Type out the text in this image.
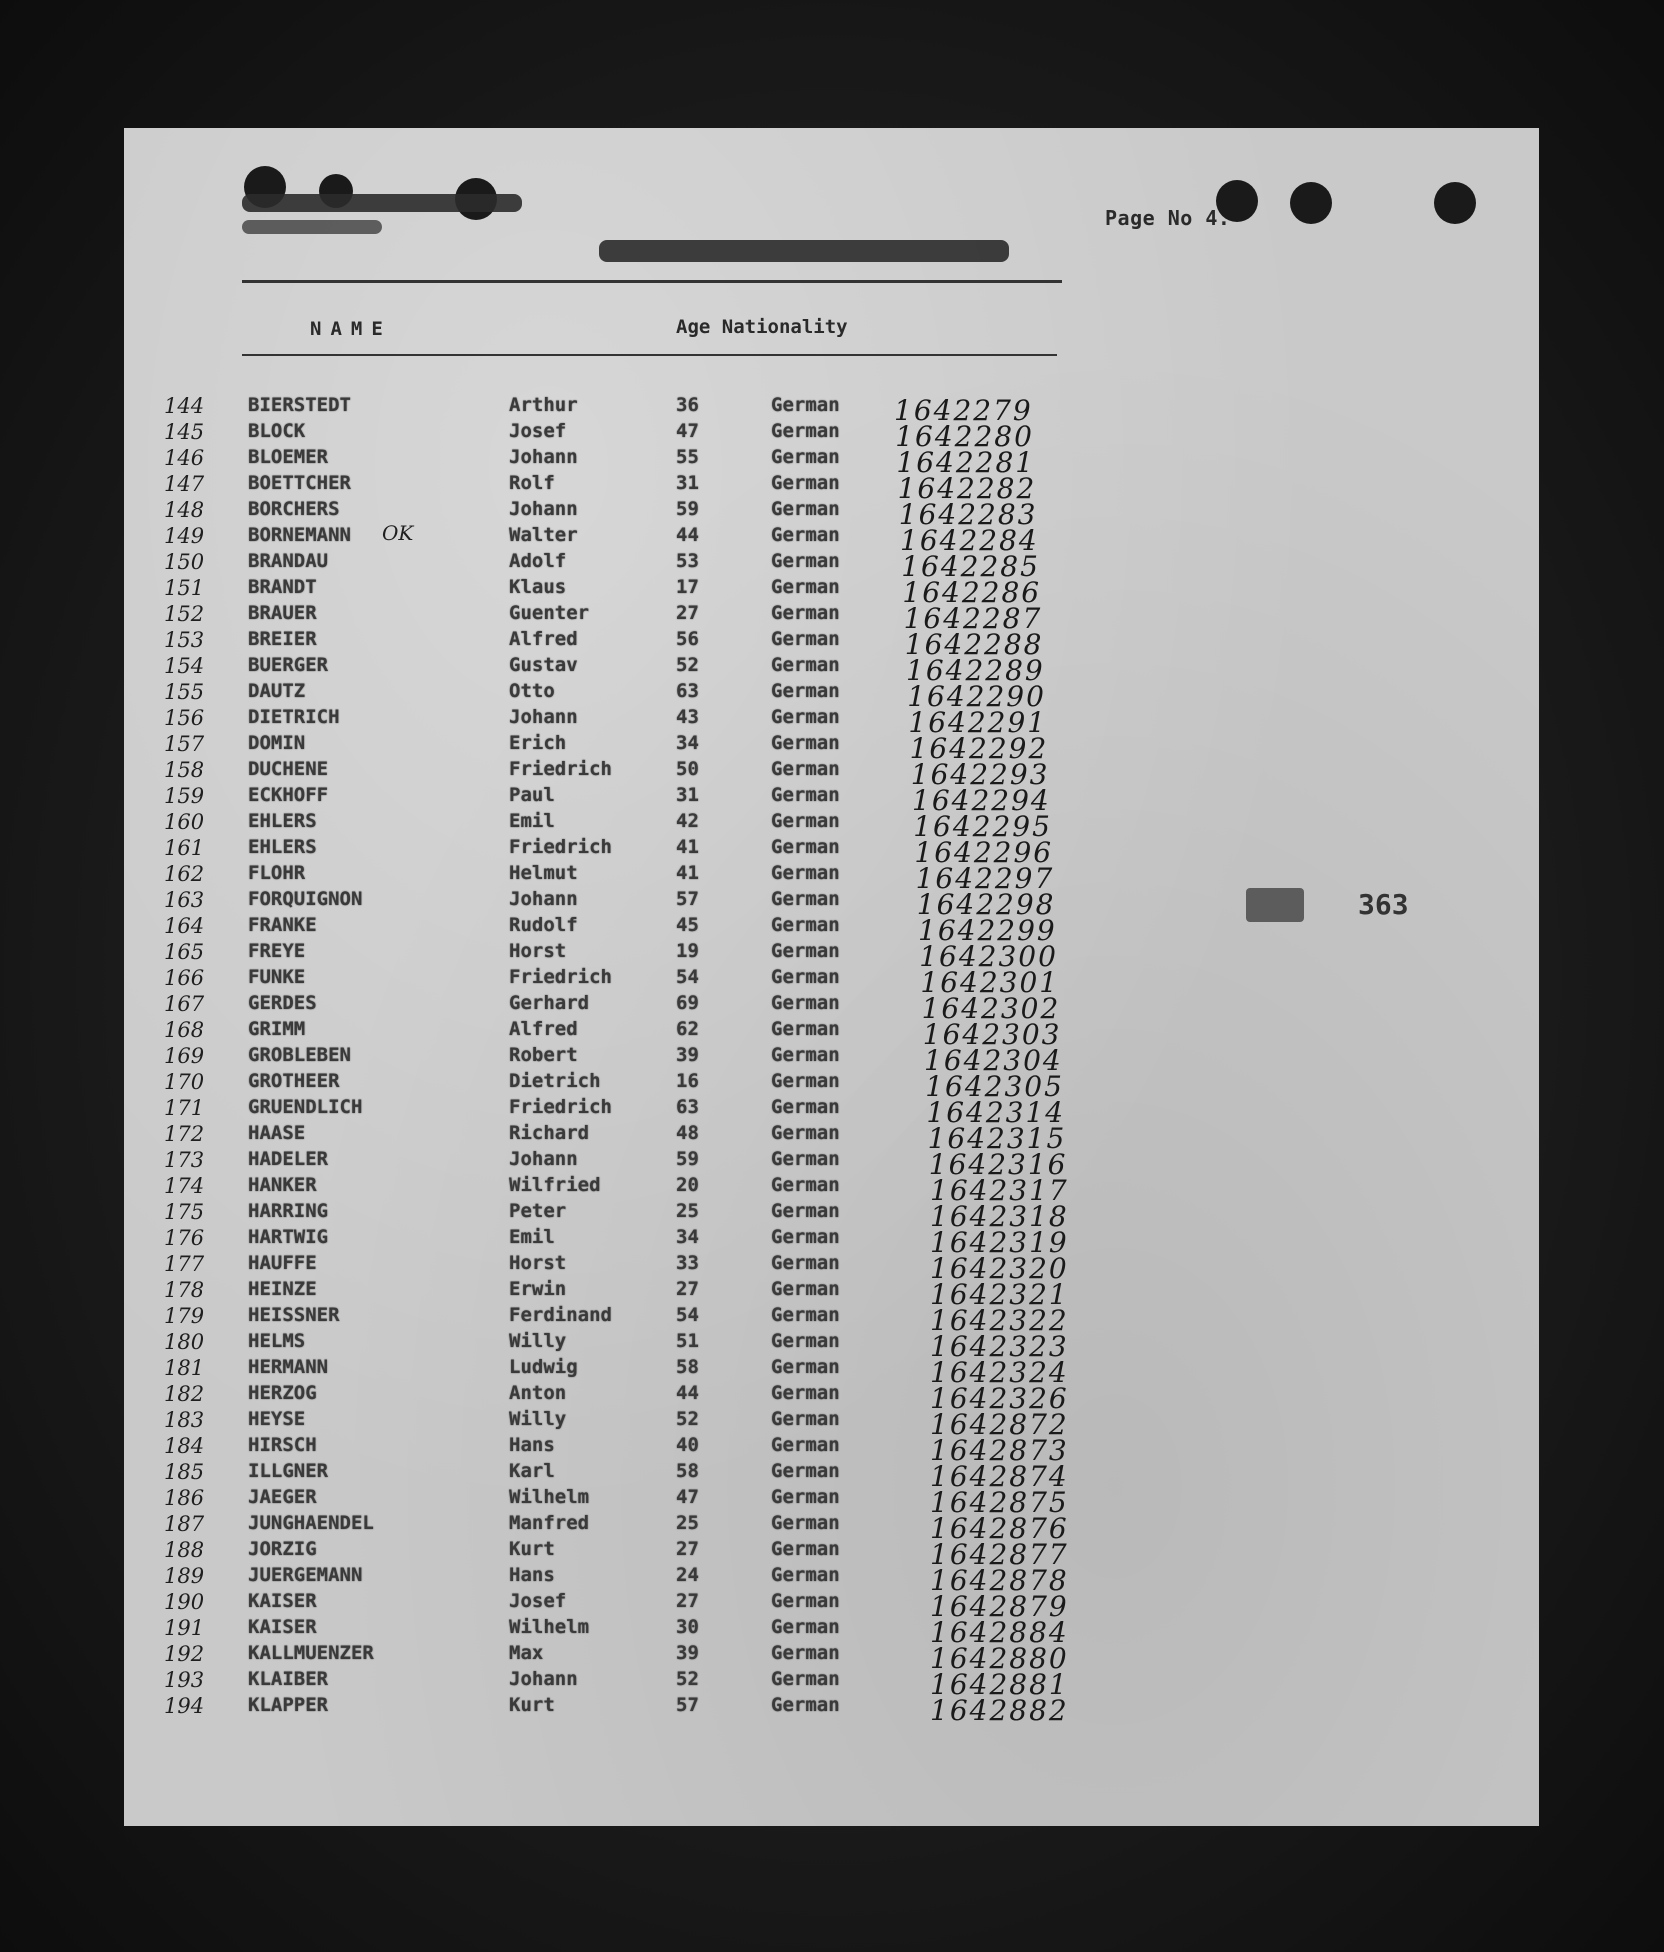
Page No 4.
NAME	Age Nationality
144 BIERSTEDT	Arthur	36	German 1642279
145 BLOCK	Josef	47	German 1642280
146 BLOEMER	Johann	55	German 1642281
147 BOETTCHER	Rolf	31	German 1642282
148 BORCHERS	Johann	59	German 1642283
149 BORNEMANN	Walter	44	German 1642284
150 BRANDAU	Adolf	53	German 1642285
151 BRANDT	Klaus	17	German 1642286
152 BRAUER	Guenter	27	German 1642287
153 BREIER	Alfred	56	German 1642288
154 BUERGER	Gustav	52	German 1642289
155 DAUTZ	Otto	63	German 1642290
156 DIETRICH	Johann	43	German 1642291
157 DOMIN	Erich	34	German 1642292
158 DUCHENE	Friedrich	50	German	1642293
159 ECKHOFF	Paul	31	German	1642294
160 EHLERS	Emil	42	German	1642295
161 EHLERS	Friedrich	41	German	1642296
162 FLOHR	Helmut	41	German	1642297
163 FORQUIGNON	Johann	57	German	1642298
164 FRANKE	Rudolf	45	German	1642299
165 FREYE	Horst	19	German	1642300
166 FUNKE	Friedrich	54	German	1642301
167 GERDES	Gerhard	69	German	1642302
168 GRIMM	Alfred	62	German	1642303
169 GROBLEBEN	Robert	39	German	1642304
170 GROTHEER	Dietrich	16	German	1642305
171 GRUENDLICH	Friedrich	63	German	1642314
172 HAASE	Richard	48	German	1642315
173 HADELER	Johann	59	German	1642316
174 HANKER	Wilfried	20	German	1642317
175 HARRING	Peter	25	German	1642318
176 HARTWIG	Emil	34	German	1642319
177 HAUFFE	Horst	33	German	1642320
178 HEINZE	Erwin	27	German	1642321
179 HEISSNER	Ferdinand	54	German	1642322
180 HELMS	Willy	51	German	1642323
181 HERMANN	Ludwig	58	German	1642324
182 HERZOG	Anton	44	German	1642326
183 HEYSE	Willy	52	German	1642872
184 HIRSCH	Hans	40	German	1642873
185 ILLGNER	Karl	58	German	1642874
186 JAEGER	Wilhelm	47	German	1642875
187 JUNGHAENDEL	Manfred	25	German	1642876
188 JORZIG	Kurt	27	German	1642877
189 JUERGEMANN	Hans	24	German	1642878
190 KAISER	Josef	27	German	1642879
191 KAISER	Wilhelm	30	German	1642884
192 KALLMUENZER	Max	39	German	1642880
193 KLAIBER	Johann	52	German	1642881
194 KLAPPER	Kurt	57	German	1642882
OK
363
